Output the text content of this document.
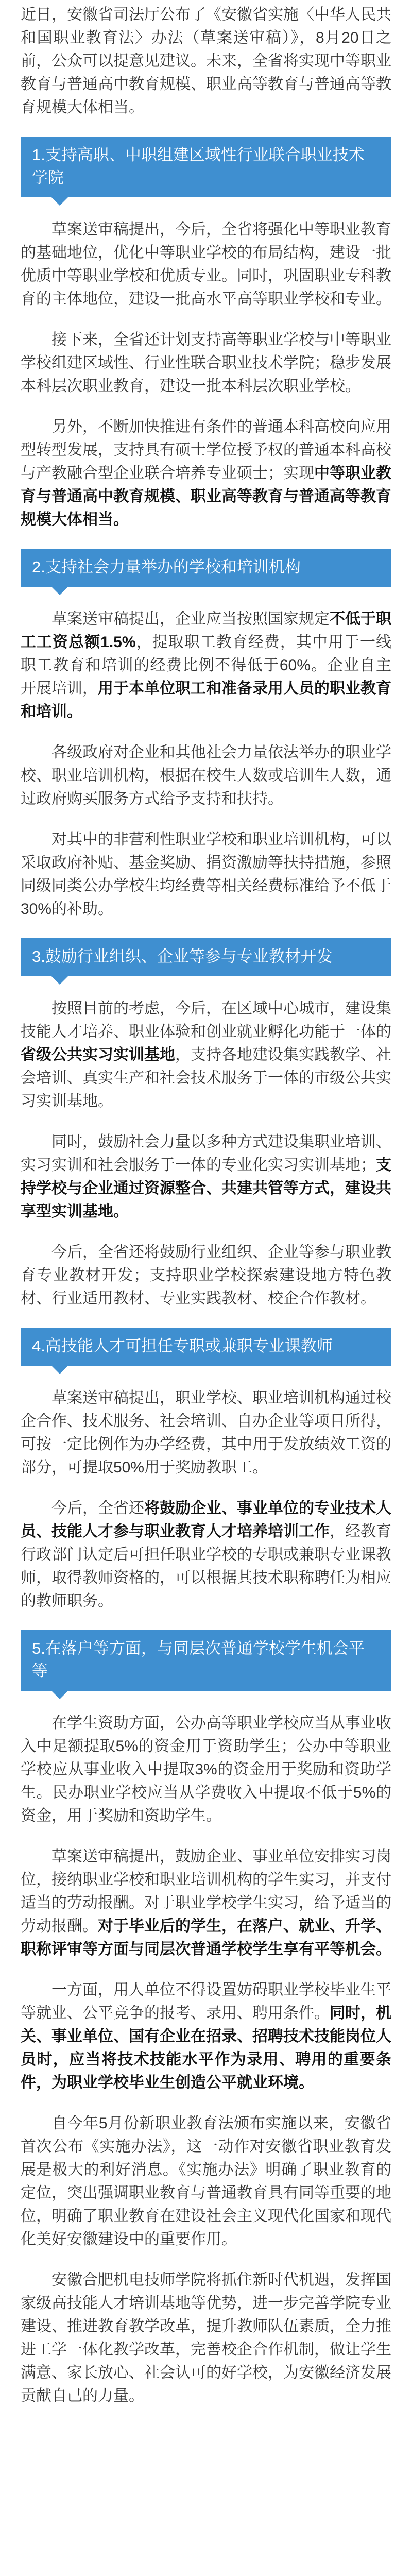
近日，安徽省司法厅公布了《安徽省实施〈中华人民共和国职业教育法〉办法（草案送审稿）》，8月20日之前，公众可以提意见建议。未来，全省将实现中等职业教育与普通高中教育规模、职业高等教育与普通高等教育规模大体相当。

1.支持高职、中职组建区域性行业联合职业技术学院

草案送审稿提出，今后，全省将强化中等职业教育的基础地位，优化中等职业学校的布局结构，建设一批优质中等职业学校和优质专业。同时，巩固职业专科教育的主体地位，建设一批高水平高等职业学校和专业。

接下来，全省还计划支持高等职业学校与中等职业学校组建区域性、行业性联合职业技术学院；稳步发展本科层次职业教育，建设一批本科层次职业学校。

另外，不断加快推进有条件的普通本科高校向应用型转型发展，支持具有硕士学位授予权的普通本科高校与产教融合型企业联合培养专业硕士；实现中等职业教育与普通高中教育规模、职业高等教育与普通高等教育规模大体相当。

2.支持社会力量举办的学校和培训机构

草案送审稿提出，企业应当按照国家规定不低于职工工资总额1.5%，提取职工教育经费，其中用于一线职工教育和培训的经费比例不得低于60%。企业自主开展培训，用于本单位职工和准备录用人员的职业教育和培训。

各级政府对企业和其他社会力量依法举办的职业学校、职业培训机构，根据在校生人数或培训生人数，通过政府购买服务方式给予支持和扶持。

对其中的非营利性职业学校和职业培训机构，可以采取政府补贴、基金奖励、捐资激励等扶持措施，参照同级同类公办学校生均经费等相关经费标准给予不低于30%的补助。

3.鼓励行业组织、企业等参与专业教材开发

按照目前的考虑，今后，在区域中心城市，建设集技能人才培养、职业体验和创业就业孵化功能于一体的省级公共实习实训基地，支持各地建设集实践教学、社会培训、真实生产和社会技术服务于一体的市级公共实习实训基地。

同时，鼓励社会力量以多种方式建设集职业培训、实习实训和社会服务于一体的专业化实习实训基地；支持学校与企业通过资源整合、共建共管等方式，建设共享型实训基地。

今后，全省还将鼓励行业组织、企业等参与职业教育专业教材开发；支持职业学校探索建设地方特色教材、行业适用教材、专业实践教材、校企合作教材。

4.高技能人才可担任专职或兼职专业课教师

草案送审稿提出，职业学校、职业培训机构通过校企合作、技术服务、社会培训、自办企业等项目所得，可按一定比例作为办学经费，其中用于发放绩效工资的部分，可提取50%用于奖励教职工。

今后，全省还将鼓励企业、事业单位的专业技术人员、技能人才参与职业教育人才培养培训工作，经教育行政部门认定后可担任职业学校的专职或兼职专业课教师，取得教师资格的，可以根据其技术职称聘任为相应的教师职务。

5.在落户等方面，与同层次普通学校学生机会平等

在学生资助方面，公办高等职业学校应当从事业收入中足额提取5%的资金用于资助学生；公办中等职业学校应从事业收入中提取3%的资金用于奖励和资助学生。民办职业学校应当从学费收入中提取不低于5%的资金，用于奖励和资助学生。

草案送审稿提出，鼓励企业、事业单位安排实习岗位，接纳职业学校和职业培训机构的学生实习，并支付适当的劳动报酬。对于职业学校学生实习，给予适当的劳动报酬。对于毕业后的学生，在落户、就业、升学、职称评审等方面与同层次普通学校学生享有平等机会。

一方面，用人单位不得设置妨碍职业学校毕业生平等就业、公平竞争的报考、录用、聘用条件。同时，机关、事业单位、国有企业在招录、招聘技术技能岗位人员时，应当将技术技能水平作为录用、聘用的重要条件，为职业学校毕业生创造公平就业环境。

自今年5月份新职业教育法颁布实施以来，安徽省首次公布《实施办法》，这一动作对安徽省职业教育发展是极大的利好消息。《实施办法》明确了职业教育的定位，突出强调职业教育与普通教育具有同等重要的地位，明确了职业教育在建设社会主义现代化国家和现代化美好安徽建设中的重要作用。

安徽合肥机电技师学院将抓住新时代机遇，发挥国家级高技能人才培训基地等优势，进一步完善学院专业建设、推进教育教学改革，提升教师队伍素质，全力推进工学一体化教学改革，完善校企合作机制，做让学生满意、家长放心、社会认可的好学校，为安徽经济发展贡献自己的力量。
